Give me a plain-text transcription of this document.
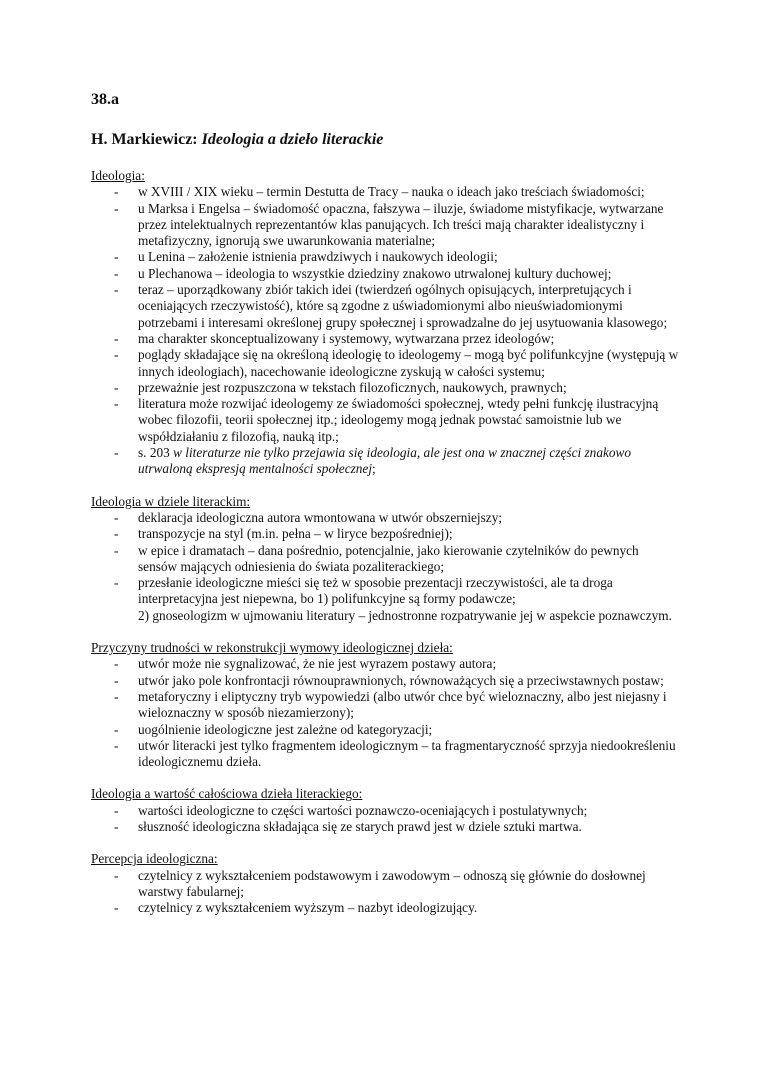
38.a

H. Markiewicz: Ideologia a dzieło literackie

Ideologia:

- w XVIII / XIX wieku – termin Destutta de Tracy – nauka o ideach jako treściach świadomości;
- u Marksa i Engelsa – świadomość opaczna, fałszywa – iluzje, świadome mistyfikacje, wytwarzane przez intelektualnych reprezentantów klas panujących. Ich treści mają charakter idealistyczny i metafizyczny, ignorują swe uwarunkowania materialne;
- u Lenina – założenie istnienia prawdziwych i naukowych ideologii;
- u Plechanowa – ideologia to wszystkie dziedziny znakowo utrwalonej kultury duchowej;
- teraz – uporządkowany zbiór takich idei (twierdzeń ogólnych opisujących, interpretujących i oceniających rzeczywistość), które są zgodne z uświadomionymi albo nieuświadomionymi potrzebami i interesami określonej grupy społecznej i sprowadzalne do jej usytuowania klasowego;
- ma charakter skonceptualizowany i systemowy, wytwarzana przez ideologów;
- poglądy składające się na określoną ideologię to ideologemy – mogą być polifunkcyjne (występują w innych ideologiach), nacechowanie ideologiczne zyskują w całości systemu;
- przeważnie jest rozpuszczona w tekstach filozoficznych, naukowych, prawnych;
- literatura może rozwijać ideologemy ze świadomości społecznej, wtedy pełni funkcję ilustracyjną wobec filozofii, teorii społecznej itp.; ideologemy mogą jednak powstać samoistnie lub we współdziałaniu z filozofią, nauką itp.;
- s. 203 w literaturze nie tylko przejawia się ideologia, ale jest ona w znacznej części znakowo utrwaloną ekspresją mentalności społecznej;

Ideologia w dziele literackim:

- deklaracja ideologiczna autora wmontowana w utwór obszerniejszy;
- transpozycje na styl (m.in. pełna – w liryce bezpośredniej);
- w epice i dramatach – dana pośrednio, potencjalnie, jako kierowanie czytelników do pewnych sensów mających odniesienia do świata pozaliterackiego;
- przesłanie ideologiczne mieści się też w sposobie prezentacji rzeczywistości, ale ta droga interpretacyjna jest niepewna, bo 1) polifunkcyjne są formy podawcze;
2) gnoseologizm w ujmowaniu literatury – jednostronne rozpatrywanie jej w aspekcie poznawczym.

Przyczyny trudności w rekonstrukcji wymowy ideologicznej dzieła:

- utwór może nie sygnalizować, że nie jest wyrazem postawy autora;
- utwór jako pole konfrontacji równouprawnionych, równoważących się a przeciwstawnych postaw;
- metaforyczny i eliptyczny tryb wypowiedzi (albo utwór chce być wieloznaczny, albo jest niejasny i wieloznaczny w sposób niezamierzony);
- uogólnienie ideologiczne jest zależne od kategoryzacji;
- utwór literacki jest tylko fragmentem ideologicznym – ta fragmentaryczność sprzyja niedookreśleniu ideologicznemu dzieła.

Ideologia a wartość całościowa dzieła literackiego:

- wartości ideologiczne to części wartości poznawczo-oceniających i postulatywnych;
- słuszność ideologiczna składająca się ze starych prawd jest w dziele sztuki martwa.

Percepcja ideologiczna:

- czytelnicy z wykształceniem podstawowym i zawodowym – odnoszą się głównie do dosłownej warstwy fabularnej;
- czytelnicy z wykształceniem wyższym – nazbyt ideologizujący.
